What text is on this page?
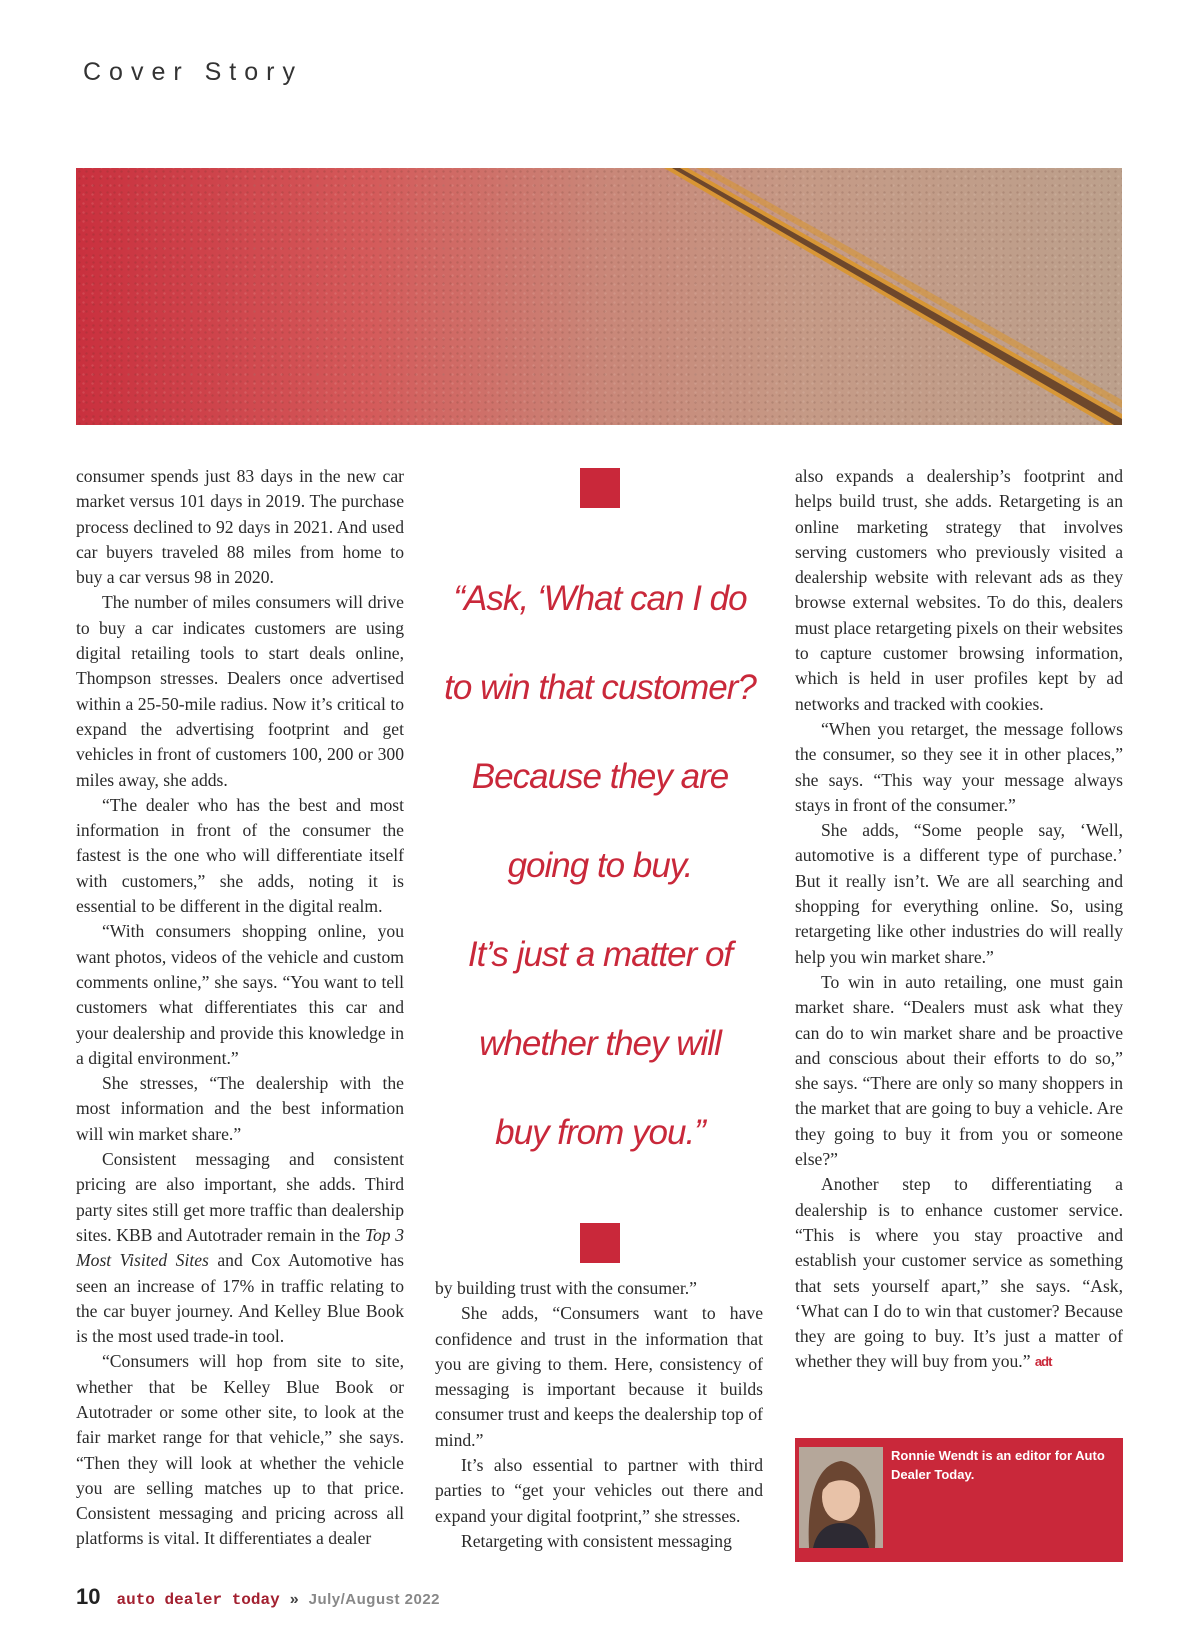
Cover Story

consumer spends just 83 days in the new car market versus 101 days in 2019. The purchase process declined to 92 days in 2021. And used car buyers traveled 88 miles from home to buy a car versus 98 in 2020.

The number of miles consumers will drive to buy a car indicates customers are using digital retailing tools to start deals online, Thompson stresses. Dealers once advertised within a 25-50-mile radius. Now it’s critical to expand the advertising footprint and get vehicles in front of customers 100, 200 or 300 miles away, she adds.

“The dealer who has the best and most information in front of the consumer the fastest is the one who will differentiate itself with customers,” she adds, noting it is essential to be different in the digital realm.

“With consumers shopping online, you want photos, videos of the vehicle and custom comments online,” she says. “You want to tell customers what differentiates this car and your dealership and provide this knowledge in a digital environment.”

She stresses, “The dealership with the most information and the best information will win market share.”

Consistent messaging and consistent pricing are also important, she adds. Third party sites still get more traffic than dealership sites. KBB and Autotrader remain in the Top 3 Most Visited Sites and Cox Automotive has seen an increase of 17% in traffic relating to the car buyer journey. And Kelley Blue Book is the most used trade-in tool.

“Consumers will hop from site to site, whether that be Kelley Blue Book or Autotrader or some other site, to look at the fair market range for that vehicle,” she says. “Then they will look at whether the vehicle you are selling matches up to that price. Consistent messaging and pricing across all platforms is vital. It differentiates a dealer

“Ask, ‘What can I do
to win that customer?
Because they are
going to buy.
It’s just a matter of
whether they will
buy from you.”

by building trust with the consumer.”

She adds, “Consumers want to have confidence and trust in the information that you are giving to them. Here, consistency of messaging is important because it builds consumer trust and keeps the dealership top of mind.”

It’s also essential to partner with third parties to “get your vehicles out there and expand your digital footprint,” she stresses.

Retargeting with consistent messaging

also expands a dealership’s footprint and helps build trust, she adds. Retargeting is an online marketing strategy that involves serving customers who previously visited a dealership website with relevant ads as they browse external websites. To do this, dealers must place retargeting pixels on their websites to capture customer browsing information, which is held in user profiles kept by ad networks and tracked with cookies.

“When you retarget, the message follows the consumer, so they see it in other places,” she says. “This way your message always stays in front of the consumer.”

She adds, “Some people say, ‘Well, automotive is a different type of purchase.’ But it really isn’t. We are all searching and shopping for everything online. So, using retargeting like other industries do will really help you win market share.”

To win in auto retailing, one must gain market share. “Dealers must ask what they can do to win market share and be proactive and conscious about their efforts to do so,” she says. “There are only so many shoppers in the market that are going to buy a vehicle. Are they going to buy it from you or someone else?”

Another step to differentiating a dealership is to enhance customer service. “This is where you stay proactive and establish your customer service as something that sets yourself apart,” she says. “Ask, ‘What can I do to win that customer? Because they are going to buy. It’s just a matter of whether they will buy from you.” adt

Ronnie Wendt is an editor for Auto Dealer Today.
10 auto dealer today » July/August 2022
